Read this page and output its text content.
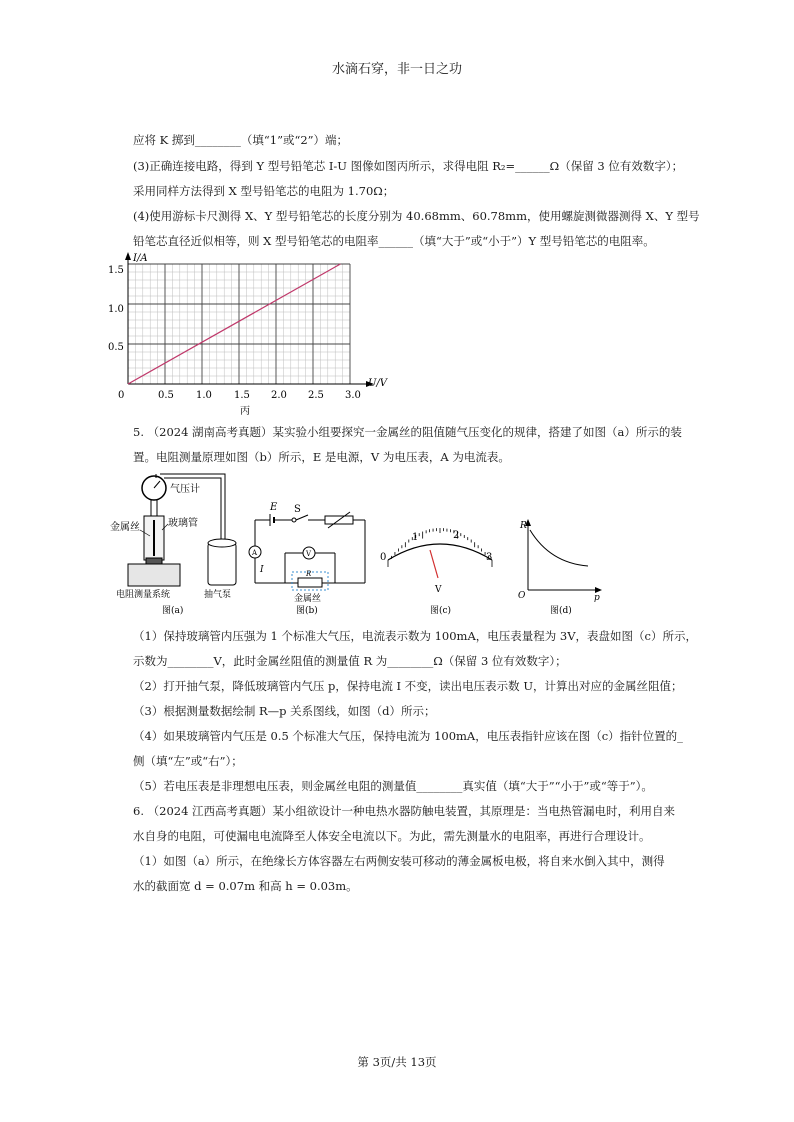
水滴石穿，非一日之功
应将 K 掷到________（填“1”或“2”）端；
(3)正确连接电路，得到 Y 型号铅笔芯 I-U 图像如图丙所示，求得电阻 R₂=______Ω（保留 3 位有效数字）；
采用同样方法得到 X 型号铅笔芯的电阻为 1.70Ω；
(4)使用游标卡尺测得 X、Y 型号铅笔芯的长度分别为 40.68mm、60.78mm，使用螺旋测微器测得 X、Y 型号
铅笔芯直径近似相等，则 X 型号铅笔芯的电阻率______（填“大于”或“小于”）Y 型号铅笔芯的电阻率。
I/A
U/V
1.5
1.0
0.5
0	0.5 1.0 1.5 2.0 2.5 3.0
丙
5. （2024 湖南高考真题）某实验小组要探究一金属丝的阻值随气压变化的规律，搭建了如图（a）所示的装
置。电阻测量原理如图（b）所示，E 是电源，V 为电压表，A 为电流表。
气压计
金属丝	玻璃管
电阻测量系统	抽气泵
图(a)
E S
A	V
I	R
金属丝
图(b)
0
1	2
3
V
图(c)
R
O	p
图(d)
（1）保持玻璃管内压强为 1 个标准大气压，电流表示数为 100mA，电压表量程为 3V，表盘如图（c）所示，
示数为________V，此时金属丝阻值的测量值 R 为________Ω（保留 3 位有效数字）；
（2）打开抽气泵，降低玻璃管内气压 p，保持电流 I 不变，读出电压表示数 U，计算出对应的金属丝阻值；
（3）根据测量数据绘制 R—p 关系图线，如图（d）所示；
（4）如果玻璃管内气压是 0.5 个标准大气压，保持电流为 100mA，电压表指针应该在图（c）指针位置的_
侧（填“左”或“右”）；
（5）若电压表是非理想电压表，则金属丝电阻的测量值________真实值（填“大于”“小于”或“等于”）。
6. （2024 江西高考真题）某小组欲设计一种电热水器防触电装置，其原理是：当电热管漏电时，利用自来
水自身的电阻，可使漏电电流降至人体安全电流以下。为此，需先测量水的电阻率，再进行合理设计。
（1）如图（a）所示，在绝缘长方体容器左右两侧安装可移动的薄金属板电极，将自来水倒入其中，测得
水的截面宽 d = 0.07m 和高 h = 0.03m。
第 3页/共 13页
